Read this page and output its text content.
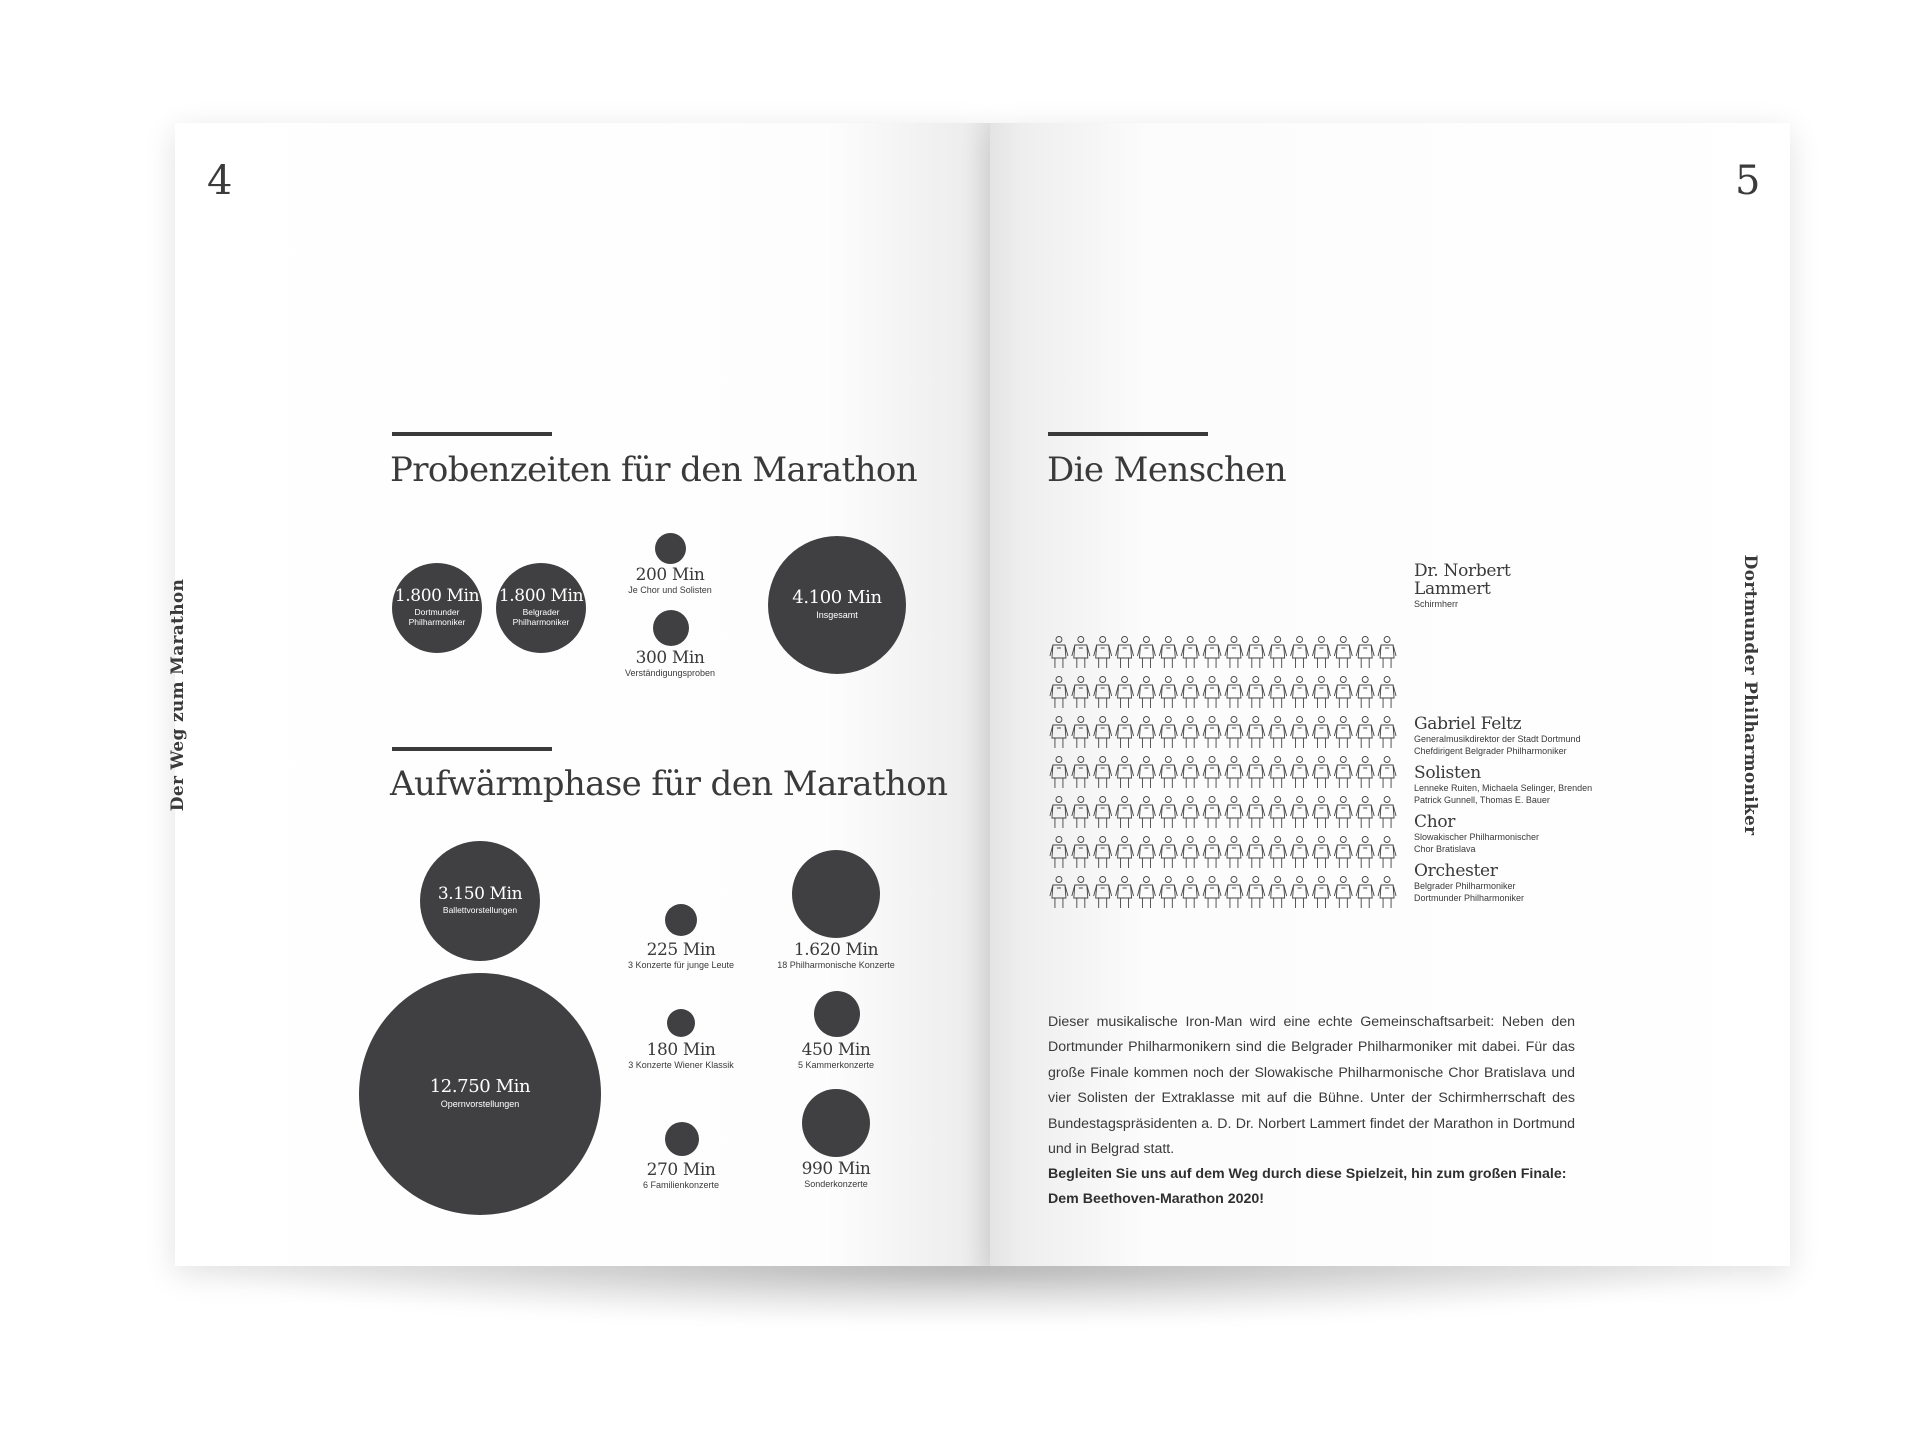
4
Der Weg zum Marathon
Probenzeiten für den Marathon
1.800 Min
Dortmunder Philharmoniker
1.800 Min
Belgrader Philharmoniker
200 Min
Je Chor und Solisten
300 Min
Verständigungsproben
4.100 Min
Insgesamt
Aufwärmphase für den Marathon
3.150 Min
Ballettvorstellungen
12.750 Min
Opernvorstellungen
225 Min
3 Konzerte für junge Leute
180 Min
3 Konzerte Wiener Klassik
270 Min
6 Familienkonzerte
1.620 Min
18 Philharmonische Konzerte
450 Min
5 Kammerkonzerte
990 Min
Sonderkonzerte
5
Dortmunder Philharmoniker
Die Menschen
Dr. Norbert Lammert
Schirmherr
Gabriel Feltz
Generalmusikdirektor der Stadt Dortmund Chefdirigent Belgrader Philharmoniker
Solisten
Lenneke Ruiten, Michaela Selinger, Brenden Patrick Gunnell, Thomas E. Bauer
Chor
Slowakischer Philharmonischer Chor Bratislava
Orchester
Belgrader Philharmoniker Dortmunder Philharmoniker
Dieser musikalische Iron-Man wird eine echte Gemeinschaftsarbeit: Neben den Dortmunder Philharmonikern sind die Belgrader Philharmoniker mit dabei. Für das große Finale kommen noch der Slowakische Philharmonische Chor Bratislava und vier Solisten der Extraklasse mit auf die Bühne. Unter der Schirmherrschaft des Bundestagspräsidenten a. D. Dr. Norbert Lammert findet der Marathon in Dortmund und in Belgrad statt.
Begleiten Sie uns auf dem Weg durch diese Spielzeit, hin zum großen Finale: Dem Beethoven-Marathon 2020!
